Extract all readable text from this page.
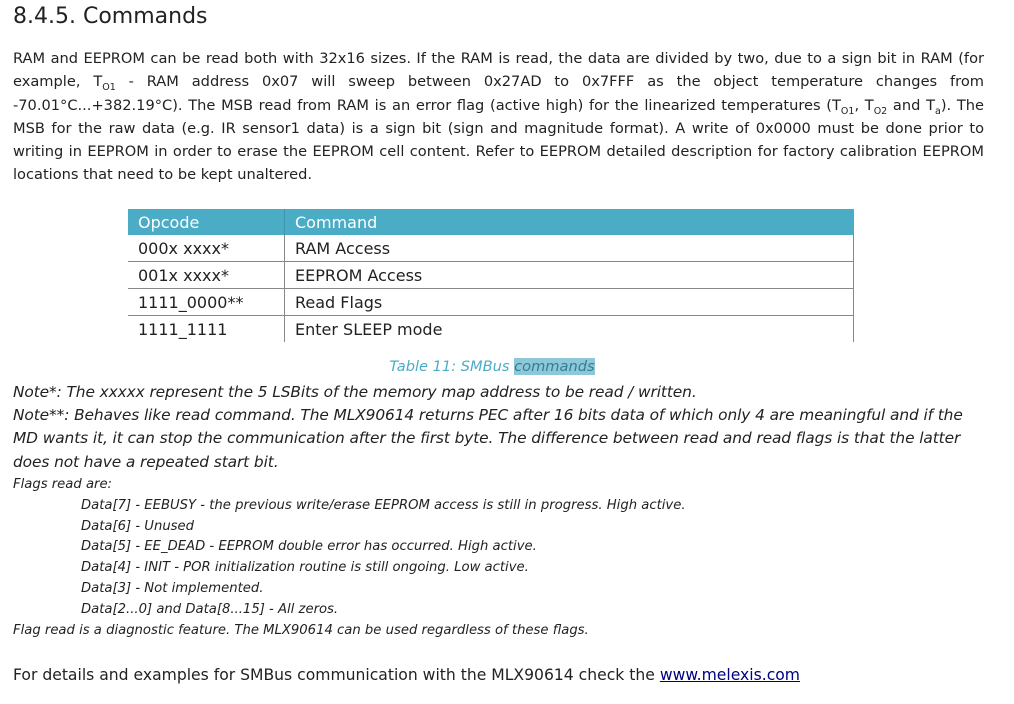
8.4.5. Commands

RAM and EEPROM can be read both with 32x16 sizes. If the RAM is read, the data are divided by two, due to a sign bit in RAM (for example, $T_{O1}$ - RAM address 0x07 will sweep between 0x27AD to 0x7FFF as the object temperature changes from -70.01°C...+382.19°C). The MSB read from RAM is an error flag (active high) for the linearized temperatures ($T_{O1}$, $T_{O2}$ and $T_a$). The MSB for the raw data (e.g. IR sensor1 data) is a sign bit (sign and magnitude format). A write of 0x0000 must be done prior to writing in EEPROM in order to erase the EEPROM cell content. Refer to EEPROM detailed description for factory calibration EEPROM locations that need to be kept unaltered.

Opcode	Command
000x xxxx*	RAM Access
001x xxxx*	EEPROM Access
1111_0000**	Read Flags
1111_1111	Enter SLEEP mode

Table 11: SMBus commands

Note*: The xxxxx represent the 5 LSBits of the memory map address to be read / written.
Note**: Behaves like read command. The MLX90614 returns PEC after 16 bits data of which only 4 are meaningful and if the MD wants it, it can stop the communication after the first byte. The difference between read and read flags is that the latter does not have a repeated start bit.
Flags read are:
Data[7] - EEBUSY - the previous write/erase EEPROM access is still in progress. High active.
Data[6] - Unused
Data[5] - EE_DEAD - EEPROM double error has occurred. High active.
Data[4] - INIT - POR initialization routine is still ongoing. Low active.
Data[3] - Not implemented.
Data[2...0] and Data[8...15] - All zeros.
Flag read is a diagnostic feature. The MLX90614 can be used regardless of these flags.

For details and examples for SMBus communication with the MLX90614 check the www.melexis.com
